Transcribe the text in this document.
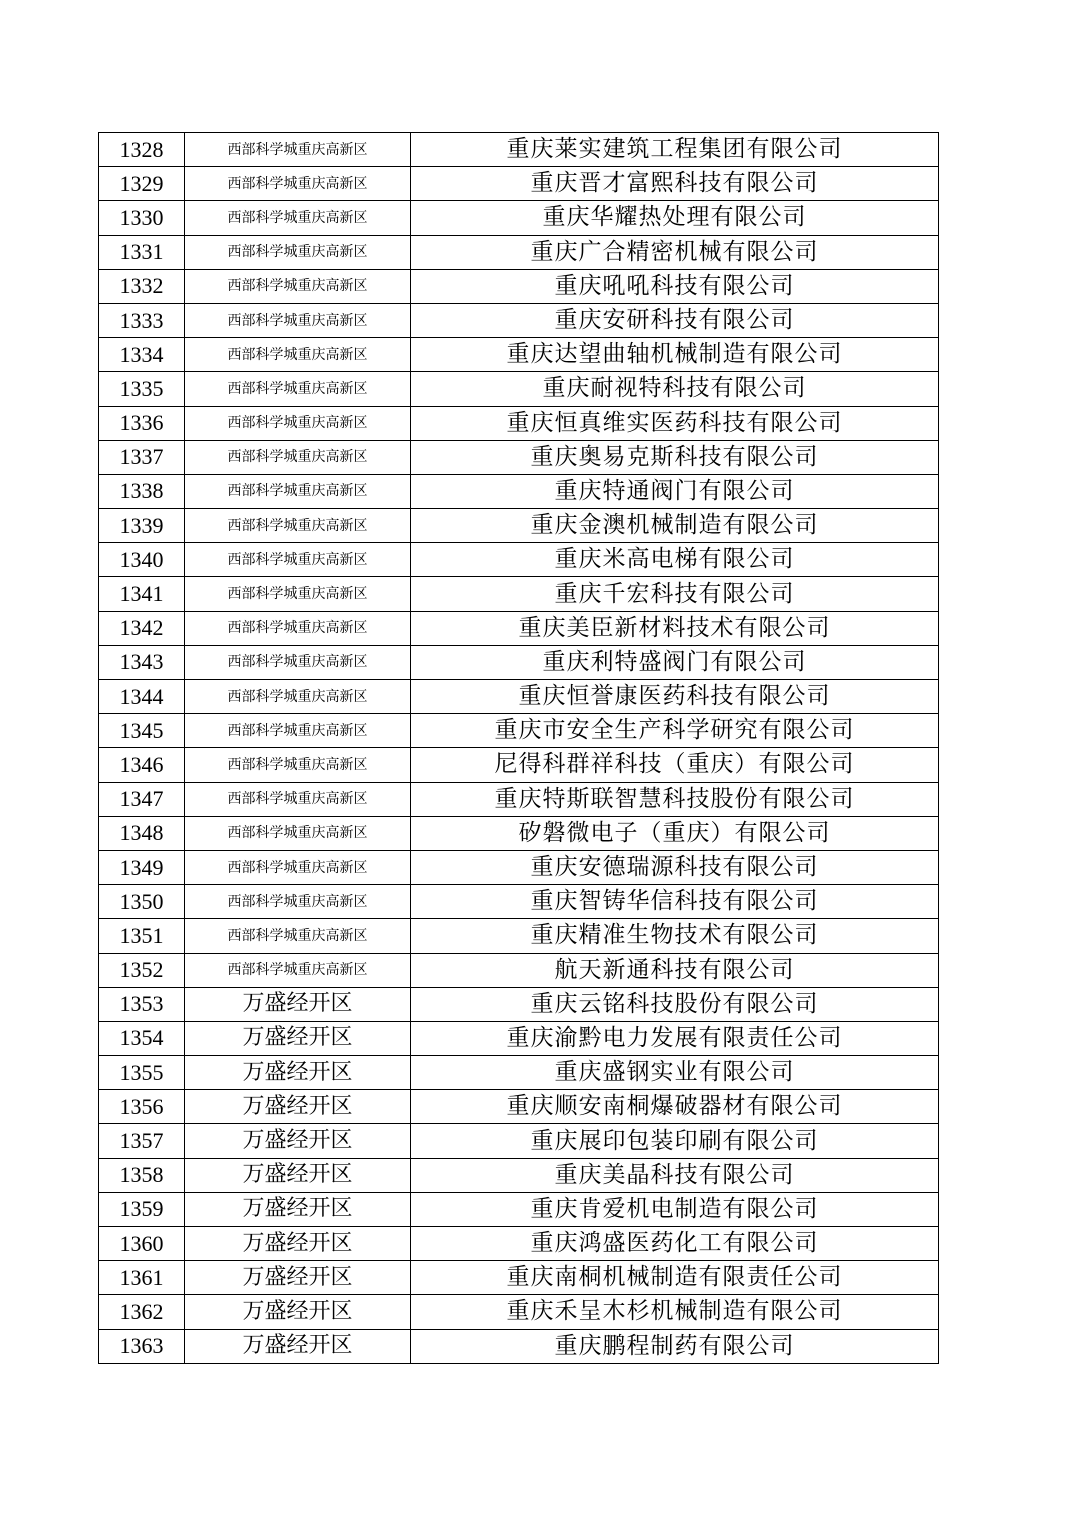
1328	西部科学城重庆高新区	重庆莱实建筑工程集团有限公司
1329	西部科学城重庆高新区	重庆晋才富熙科技有限公司
1330	西部科学城重庆高新区	重庆华耀热处理有限公司
1331	西部科学城重庆高新区	重庆广合精密机械有限公司
1332	西部科学城重庆高新区	重庆吼吼科技有限公司
1333	西部科学城重庆高新区	重庆安研科技有限公司
1334	西部科学城重庆高新区	重庆达望曲轴机械制造有限公司
1335	西部科学城重庆高新区	重庆耐视特科技有限公司
1336	西部科学城重庆高新区	重庆恒真维实医药科技有限公司
1337	西部科学城重庆高新区	重庆奥易克斯科技有限公司
1338	西部科学城重庆高新区	重庆特通阀门有限公司
1339	西部科学城重庆高新区	重庆金澳机械制造有限公司
1340	西部科学城重庆高新区	重庆米高电梯有限公司
1341	西部科学城重庆高新区	重庆千宏科技有限公司
1342	西部科学城重庆高新区	重庆美臣新材料技术有限公司
1343	西部科学城重庆高新区	重庆利特盛阀门有限公司
1344	西部科学城重庆高新区	重庆恒誉康医药科技有限公司
1345	西部科学城重庆高新区	重庆市安全生产科学研究有限公司
1346	西部科学城重庆高新区	尼得科群祥科技（重庆）有限公司
1347	西部科学城重庆高新区	重庆特斯联智慧科技股份有限公司
1348	西部科学城重庆高新区	矽磐微电子（重庆）有限公司
1349	西部科学城重庆高新区	重庆安德瑞源科技有限公司
1350	西部科学城重庆高新区	重庆智铸华信科技有限公司
1351	西部科学城重庆高新区	重庆精准生物技术有限公司
1352	西部科学城重庆高新区	航天新通科技有限公司
1353	万盛经开区	重庆云铭科技股份有限公司
1354	万盛经开区	重庆渝黔电力发展有限责任公司
1355	万盛经开区	重庆盛钢实业有限公司
1356	万盛经开区	重庆顺安南桐爆破器材有限公司
1357	万盛经开区	重庆展印包装印刷有限公司
1358	万盛经开区	重庆美晶科技有限公司
1359	万盛经开区	重庆肯爱机电制造有限公司
1360	万盛经开区	重庆鸿盛医药化工有限公司
1361	万盛经开区	重庆南桐机械制造有限责任公司
1362	万盛经开区	重庆禾呈木杉机械制造有限公司
1363	万盛经开区	重庆鹏程制药有限公司
